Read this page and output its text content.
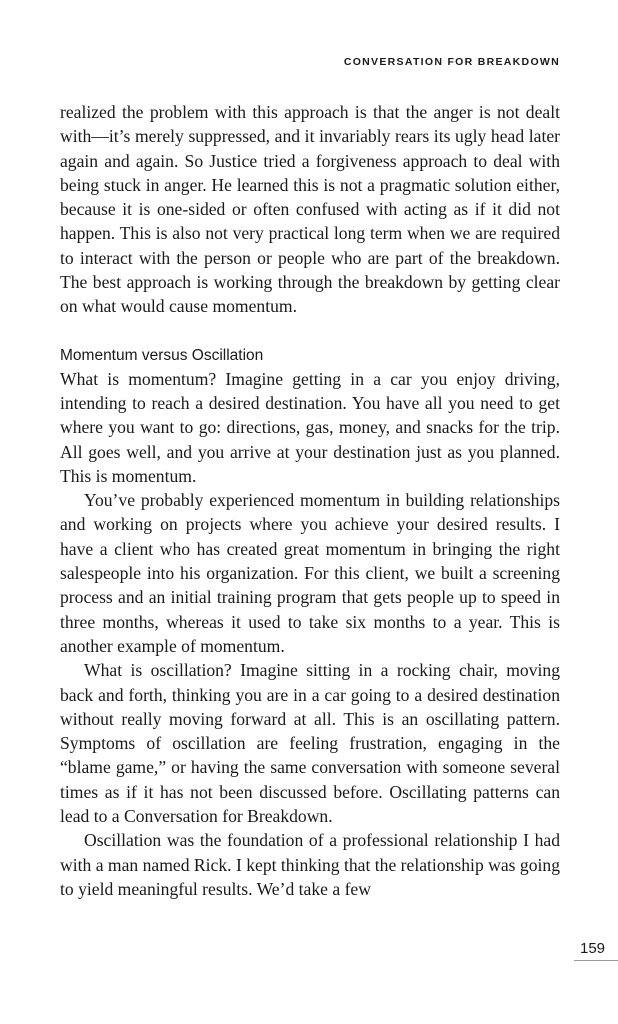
CONVERSATION FOR BREAKDOWN

realized the problem with this approach is that the anger is not dealt with—it’s merely suppressed, and it invariably rears its ugly head later again and again. So Justice tried a forgiveness approach to deal with being stuck in anger. He learned this is not a pragmatic solution either, because it is one-sided or often confused with acting as if it did not happen. This is also not very practical long term when we are required to interact with the person or people who are part of the breakdown. The best approach is working through the breakdown by getting clear on what would cause momentum.

Momentum versus Oscillation

What is momentum? Imagine getting in a car you enjoy driving, intending to reach a desired destination. You have all you need to get where you want to go: directions, gas, money, and snacks for the trip. All goes well, and you arrive at your destination just as you planned. This is momentum.

You’ve probably experienced momentum in building relationships and working on projects where you achieve your desired results. I have a client who has created great momentum in bringing the right salespeople into his organization. For this client, we built a screening process and an initial training program that gets people up to speed in three months, whereas it used to take six months to a year. This is another example of momentum.

What is oscillation? Imagine sitting in a rocking chair, moving back and forth, thinking you are in a car going to a desired destination without really moving forward at all. This is an oscillating pattern. Symptoms of oscillation are feeling frustration, engaging in the “blame game,” or having the same conversation with someone several times as if it has not been discussed before. Oscillating patterns can lead to a Conversation for Breakdown.

Oscillation was the foundation of a professional relationship I had with a man named Rick. I kept thinking that the relationship was going to yield meaningful results. We’d take a few

159
